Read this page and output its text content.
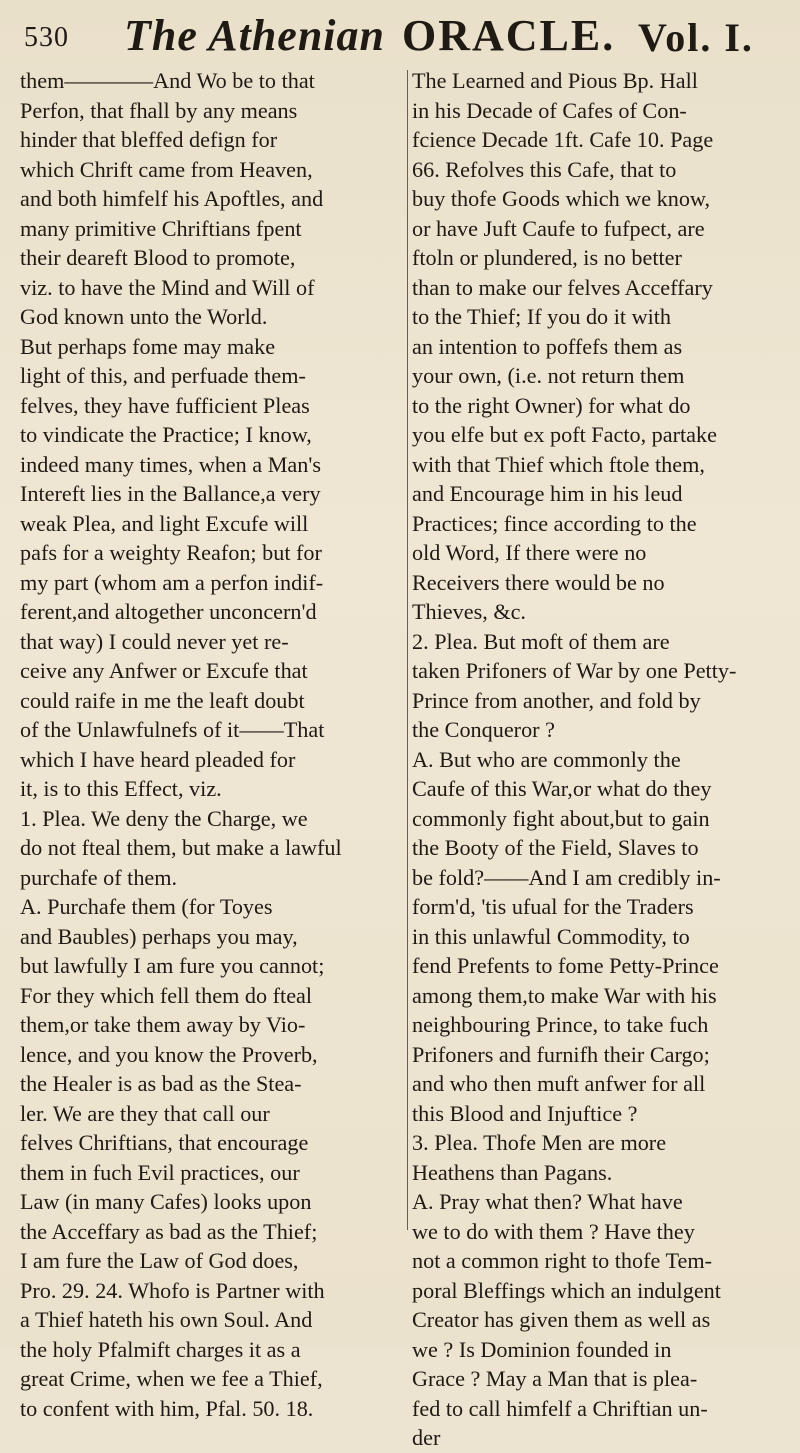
530 The Athenian ORACLE. Vol. I.
them————And Wo be to that
Perfon, that fhall by any means
hinder that bleffed defign for
which Chrift came from Heaven,
and both himfelf his Apoftles, and
many primitive Chriftians fpent
their deareft Blood to promote,
viz. to have the Mind and Will of
God known unto the World.
But perhaps fome may make
light of this, and perfuade them-
felves, they have fufficient Pleas
to vindicate the Practice; I know,
indeed many times, when a Man's
Intereft lies in the Ballance,a very
weak Plea, and light Excufe will
pafs for a weighty Reafon; but for
my part (whom am a perfon indif-
ferent,and altogether unconcern'd
that way) I could never yet re-
ceive any Anfwer or Excufe that
could raife in me the leaft doubt
of the Unlawfulnefs of it——That
which I have heard pleaded for
it, is to this Effect, viz.
1. Plea. We deny the Charge, we
do not fteal them, but make a lawful
purchafe of them.
A. Purchafe them (for Toyes
and Baubles) perhaps you may,
but lawfully I am fure you cannot;
For they which fell them do fteal
them,or take them away by Vio-
lence, and you know the Proverb,
the Healer is as bad as the Stea-
ler. We are they that call our
felves Chriftians, that encourage
them in fuch Evil practices, our
Law (in many Cafes) looks upon
the Acceffary as bad as the Thief;
I am fure the Law of God does,
Pro. 29. 24. Whofo is Partner with
a Thief hateth his own Soul. And
the holy Pfalmift charges it as a
great Crime, when we fee a Thief,
to confent with him, Pfal. 50. 18.
The Learned and Pious Bp. Hall
in his Decade of Cafes of Con-
fcience Decade 1ft. Cafe 10. Page
66. Refolves this Cafe, that to
buy thofe Goods which we know,
or have Juft Caufe to fufpect, are
ftoln or plundered, is no better
than to make our felves Acceffary
to the Thief; If you do it with
an intention to poffefs them as
your own, (i.e. not return them
to the right Owner) for what do
you elfe but ex poft Facto, partake
with that Thief which ftole them,
and Encourage him in his leud
Practices; fince according to the
old Word, If there were no
Receivers there would be no
Thieves, &c.
2. Plea. But moft of them are
taken Prifoners of War by one Petty-
Prince from another, and fold by
the Conqueror ?
A. But who are commonly the
Caufe of this War,or what do they
commonly fight about,but to gain
the Booty of the Field, Slaves to
be fold?——And I am credibly in-
form'd, 'tis ufual for the Traders
in this unlawful Commodity, to
fend Prefents to fome Petty-Prince
among them,to make War with his
neighbouring Prince, to take fuch
Prifoners and furnifh their Cargo;
and who then muft anfwer for all
this Blood and Injuftice ?
3. Plea. Thofe Men are more
Heathens than Pagans.
A. Pray what then? What have
we to do with them ? Have they
not a common right to thofe Tem-
poral Bleffings which an indulgent
Creator has given them as well as
we ? Is Dominion founded in
Grace ? May a Man that is plea-
fed to call himfelf a Chriftian un-
der
